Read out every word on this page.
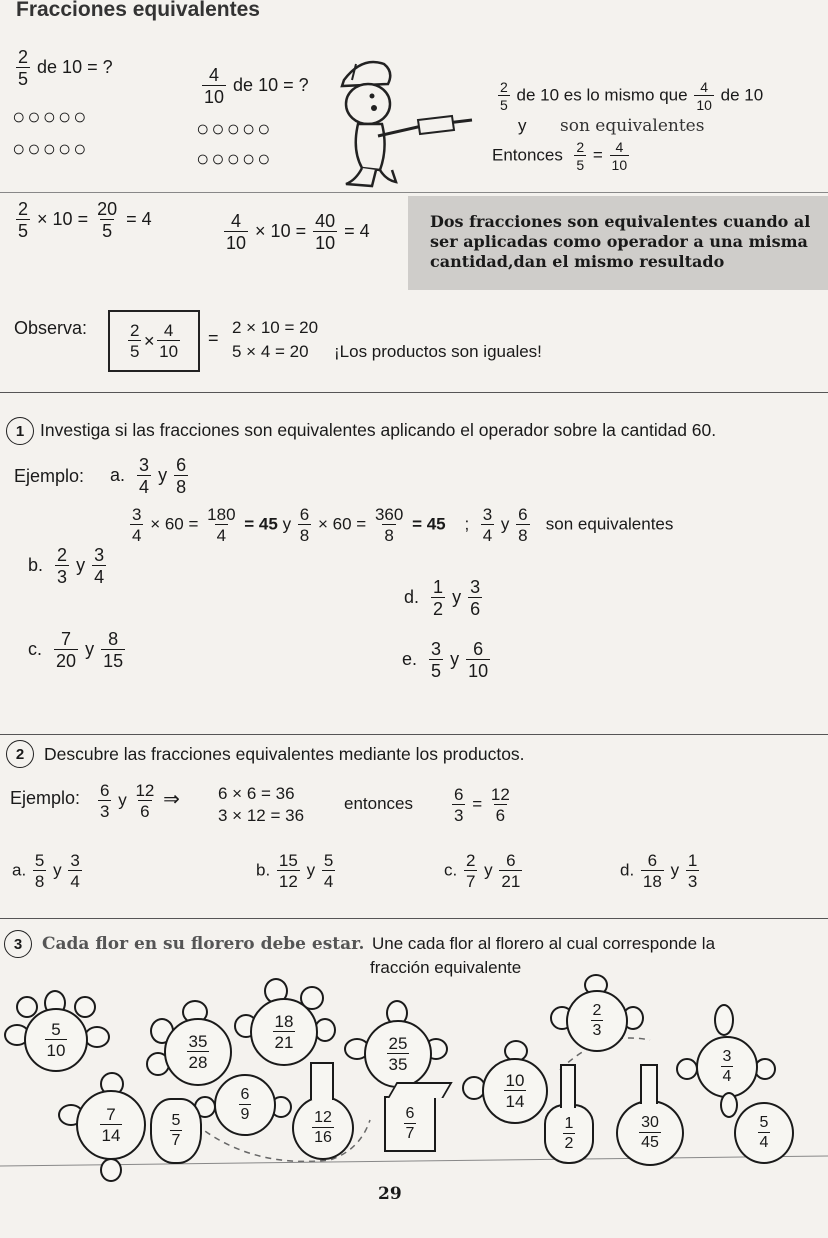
Fracciones equivalentes
$\frac{2}{5}$ de 10 = ?
○○○○○
○○○○○
$\frac{4}{10}$ de 10 = ?
○○○○○
○○○○○
$\frac{2}{5}$ de 10 es lo mismo que $\frac{4}{10}$ de 10
y son equivalentes
Entonces $\frac{2}{5} = \frac{4}{10}$
$\frac{2}{5} \times 10 = \frac{20}{5} = 4$	$\frac{4}{10} \times 10 = \frac{40}{10} = 4$	Dos fracciones son equivalentes cuando al ser aplicadas como operador a una misma cantidad,dan el mismo resultado
Observa:	2
5
✕
4
10
=
2 × 10 = 20
5 × 4 = 20 ¡Los productos son iguales!
1 Investiga si las fracciones son equivalentes aplicando el operador sobre la cantidad 60.
Ejemplo: a. $\frac{3}{4}$ y $\frac{6}{8}$
$\frac{3}{4} \times 60 = \frac{180}{4} = 45$ y $\frac{6}{8} \times 60 = \frac{360}{8} = 45$ ; $\frac{3}{4}$ y $\frac{6}{8}$ son equivalentes
b. $\frac{2}{3}$ y $\frac{3}{4}$
c. $\frac{7}{20}$ y $\frac{8}{15}$
d. $\frac{1}{2}$ y $\frac{3}{6}$
e. $\frac{3}{5}$ y $\frac{6}{10}$
2	Descubre las fracciones equivalentes mediante los productos.
Ejemplo: $\frac{6}{3}$ y $\frac{12}{6}$ ⇒ 6 × 6 = 36
3 × 12 = 36
entonces $\frac{6}{3} = \frac{12}{6}$
a. $\frac{5}{8}$ y $\frac{3}{4}$	b. $\frac{15}{12}$ y $\frac{5}{4}$	c. $\frac{2}{7}$ y $\frac{6}{21}$	d. $\frac{6}{18}$ y $\frac{1}{3}$
3	Cada flor en su florero debe estar. Une cada flor al florero al cual corresponde la
fracción equivalente
5
10	35
28
18
21	25
35
2
3
7
14
6
9
10
14
3
4
5
7
12
16
6
7
1
2
30
45
5
4
29
